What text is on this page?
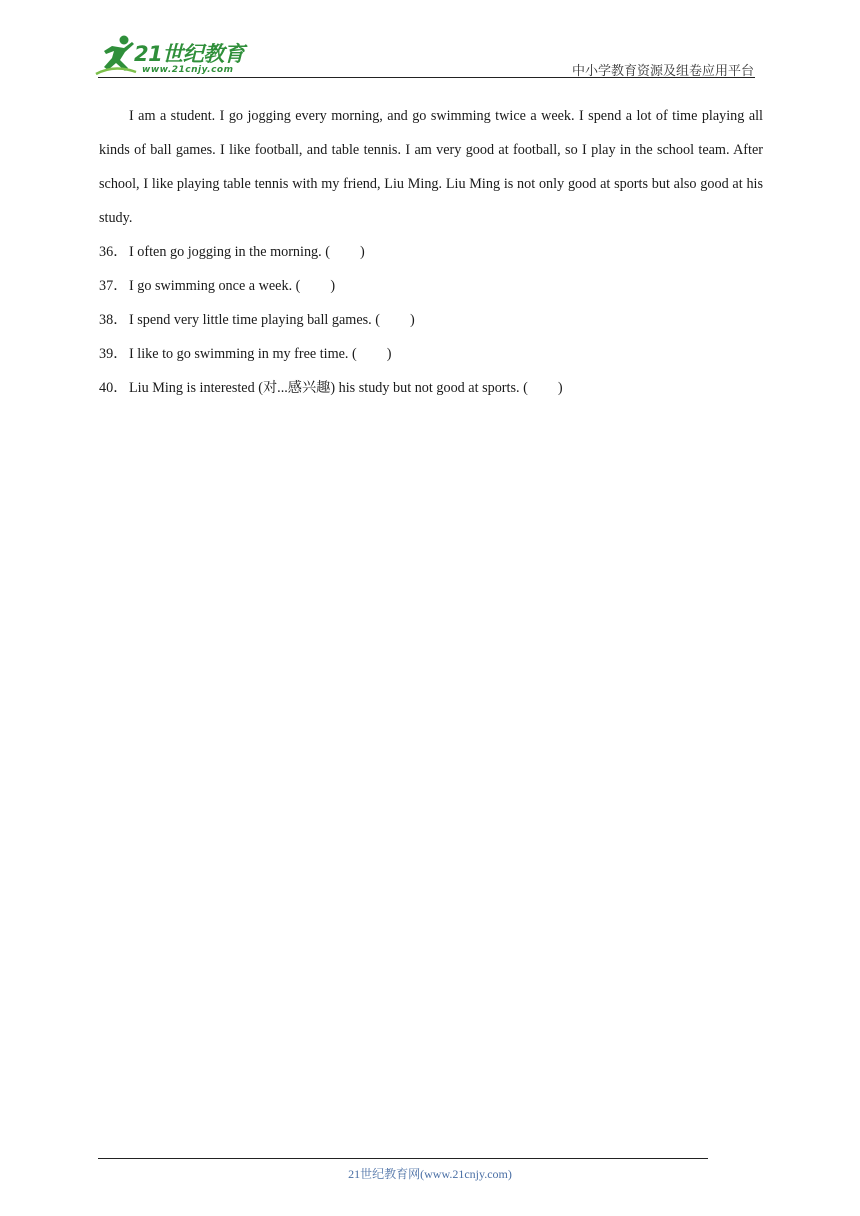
21世纪教育
www.21cnjy.com	中小学教育资源及组卷应用平台

I am a student. I go jogging every morning, and go swimming twice a week. I spend a lot of time playing all kinds of ball games. I like football, and table tennis. I am very good at football, so I play in the school team. After school, I like playing table tennis with my friend, Liu Ming. Liu Ming is not only good at sports but also good at his study.

36． I often go jogging in the morning. ( )

37． I go swimming once a week. ( )

38． I spend very little time playing ball games. ( )

39． I like to go swimming in my free time. ( )

40． Liu Ming is interested (对...感兴趣) his study but not good at sports. ( )

21世纪教育网(www.21cnjy.com)
